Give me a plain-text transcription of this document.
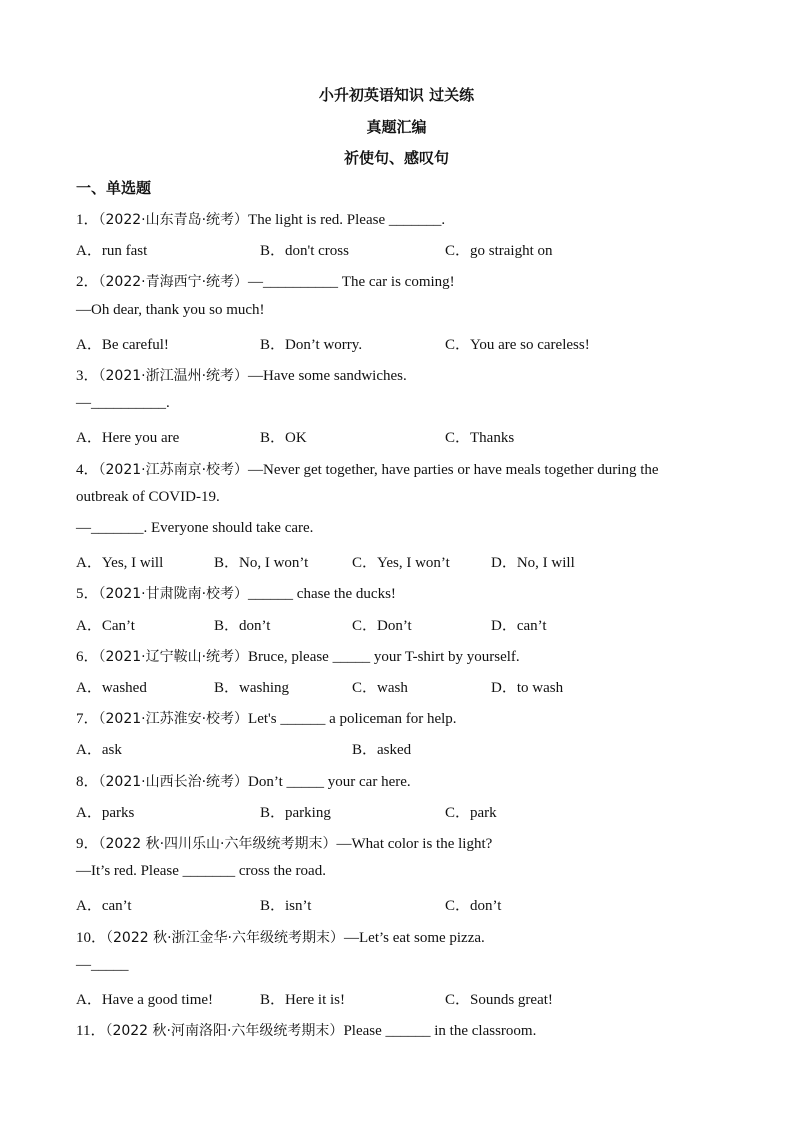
小升初英语知识 过关练
真题汇编
祈使句、感叹句
一、单选题
1．（2022·山东青岛·统考）The light is red. Please _______.
A．run fast	B．don't cross	C．go straight on
2．（2022·青海西宁·统考）—__________ The car is coming!
—Oh dear, thank you so much!
A．Be careful!	B．Don’t worry.	C．You are so careless!
3．（2021·浙江温州·统考）—Have some sandwiches.
—__________.
A．Here you are	B．OK	C．Thanks
4．（2021·江苏南京·校考）—Never get together, have parties or have meals together during the
outbreak of COVID-19.
—_______. Everyone should take care.
A．Yes, I will	B．No, I won’t	C．Yes, I won’t	D．No, I will
5．（2021·甘肃陇南·校考）______ chase the ducks!
A．Can’t	B．don’t	C．Don’t	D．can’t
6．（2021·辽宁鞍山·统考）Bruce, please _____ your T-shirt by yourself.
A．washed	B．washing	C．wash	D．to wash
7．（2021·江苏淮安·校考）Let's ______ a policeman for help.
A．ask	B．asked
8．（2021·山西长治·统考）Don’t _____ your car here.
A．parks	B．parking	C．park
9．（2022 秋·四川乐山·六年级统考期末）—What color is the light?
—It’s red. Please _______ cross the road.
A．can’t	B．isn’t	C．don’t
10．（2022 秋·浙江金华·六年级统考期末）—Let’s eat some pizza.
—_____
A．Have a good time!	B．Here it is!	C．Sounds great!
11．（2022 秋·河南洛阳·六年级统考期末）Please ______ in the classroom.
